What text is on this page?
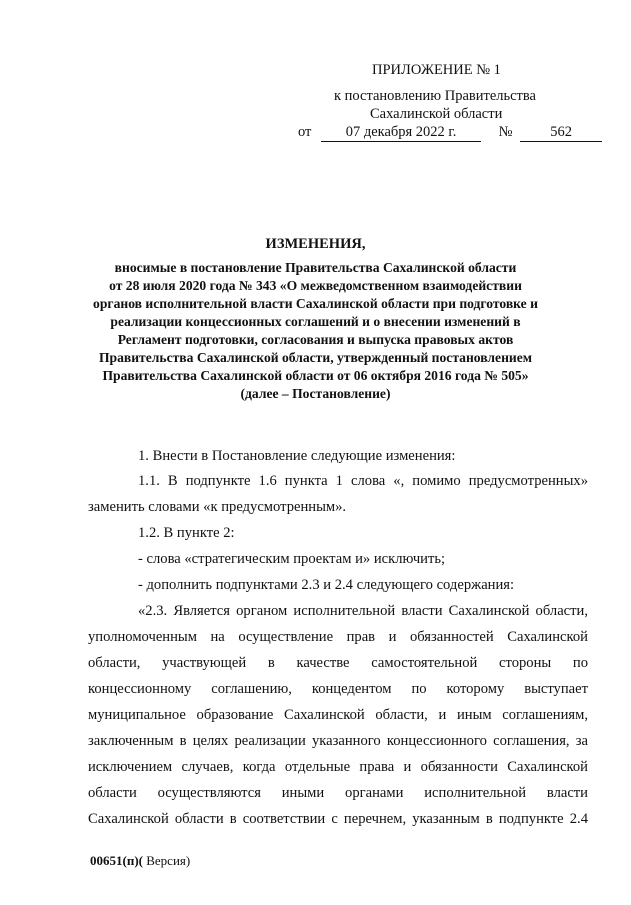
ПРИЛОЖЕНИЕ № 1
к постановлению Правительства
Сахалинской области
от 07 декабря 2022 г.	№	562
ИЗМЕНЕНИЯ,
вносимые в постановление Правительства Сахалинской области
от 28 июля 2020 года № 343 «О межведомственном взаимодействии
органов исполнительной власти Сахалинской области при подготовке и
реализации концессионных соглашений и о внесении изменений в
Регламент подготовки, согласования и выпуска правовых актов
Правительства Сахалинской области, утвержденный постановлением
Правительства Сахалинской области от 06 октября 2016 года № 505»
(далее – Постановление)
1. Внести в Постановление следующие изменения:
1.1. В подпункте 1.6 пункта 1 слова «, помимо предусмотренных»
заменить словами «к предусмотренным».
1.2. В пункте 2:
- слова «стратегическим проектам и» исключить;
- дополнить подпунктами 2.3 и 2.4 следующего содержания:
«2.3. Является органом исполнительной власти Сахалинской области,
уполномоченным на осуществление прав и обязанностей Сахалинской
области, участвующей в качестве самостоятельной стороны по
концессионному соглашению, концедентом по которому выступает
муниципальное образование Сахалинской области, и иным соглашениям,
заключенным в целях реализации указанного концессионного соглашения, за
исключением случаев, когда отдельные права и обязанности Сахалинской
области осуществляются иными органами исполнительной власти
Сахалинской области в соответствии с перечнем, указанным в подпункте 2.4
00651(п)( Версия)
